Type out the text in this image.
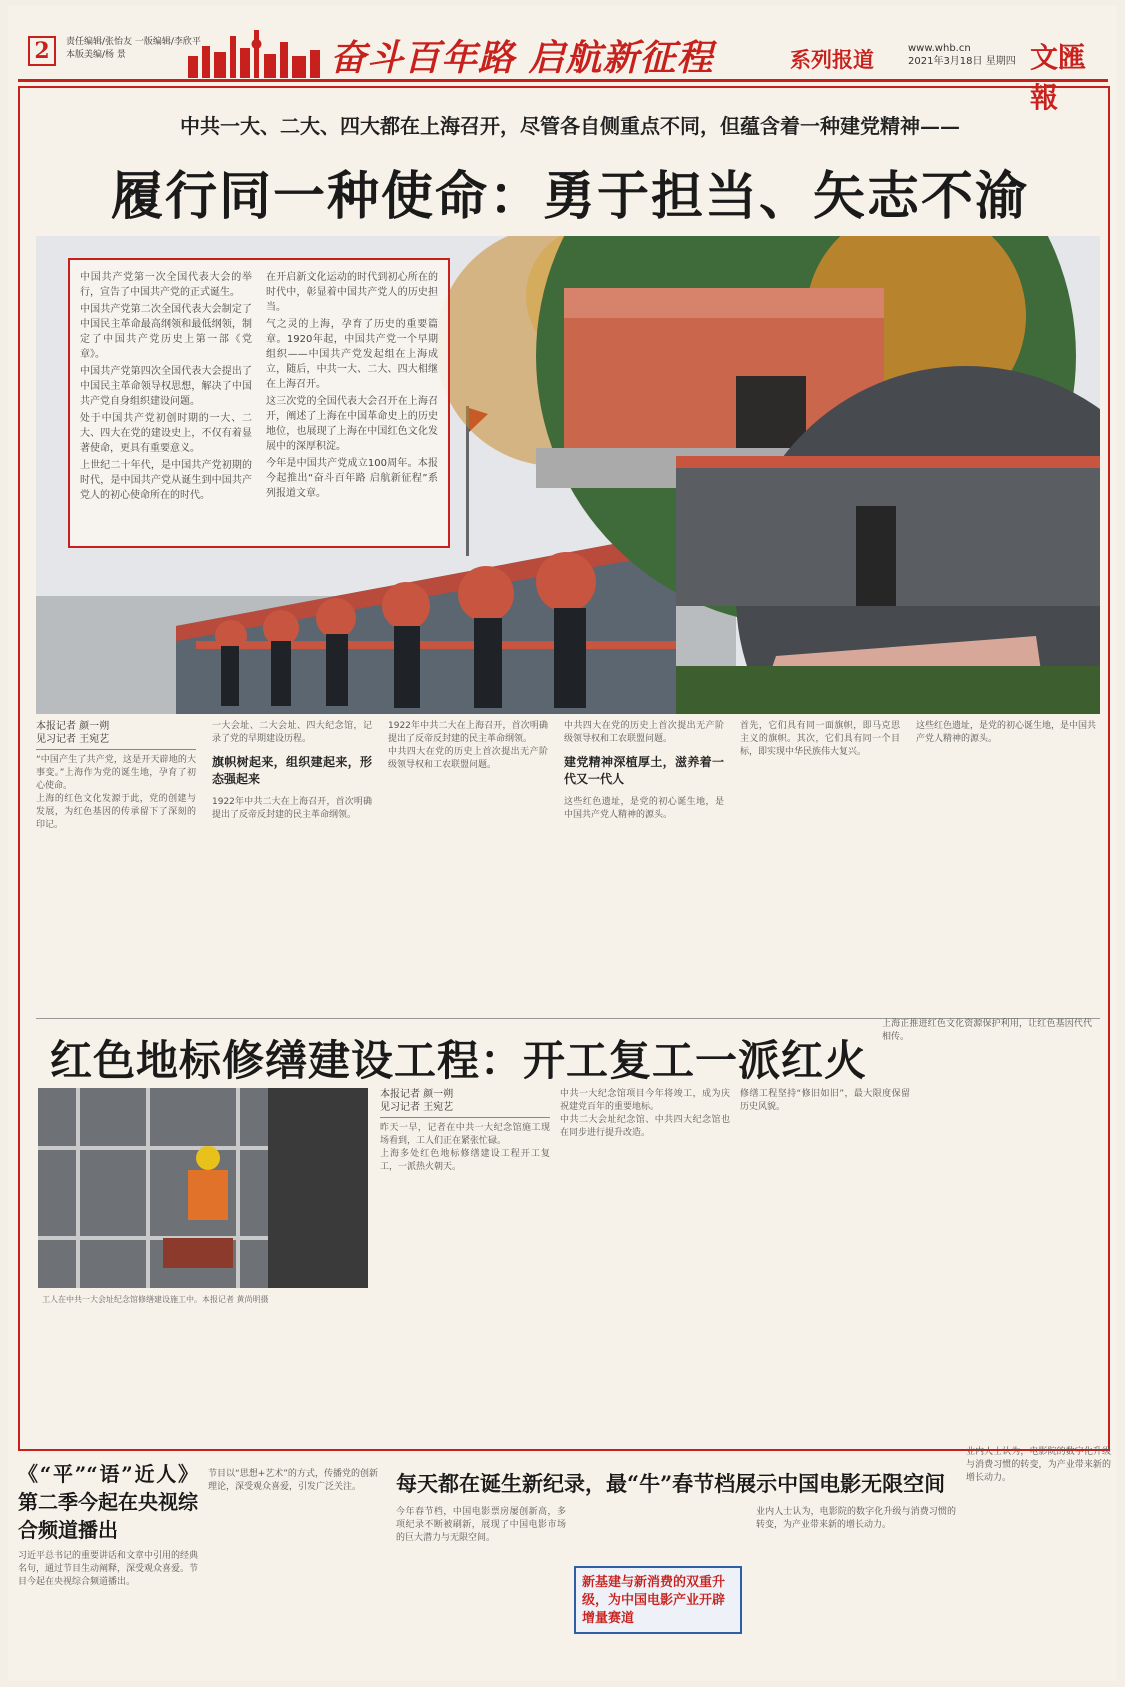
2	责任编辑/张怡友 一版编辑/李欣平 本版美编/杨 景	奋斗百年路 启航新征程	系列报道	www.whb.cn
2021年3月18日 星期四 文匯報
中共一大、二大、四大都在上海召开，尽管各自侧重点不同，但蕴含着一种建党精神——
履行同一种使命：勇于担当、矢志不渝

中国共产党第一次全国代表大会的举行，宣告了中国共产党的正式诞生。

中国共产党第二次全国代表大会制定了中国民主革命最高纲领和最低纲领，制定了中国共产党历史上第一部《党章》。

中国共产党第四次全国代表大会提出了中国民主革命领导权思想，解决了中国共产党自身组织建设问题。

处于中国共产党初创时期的一大、二大、四大在党的建设史上，不仅有着显著使命，更具有重要意义。

上世纪二十年代，是中国共产党初期的时代，是中国共产党从诞生到中国共产党人的初心使命所在的时代。

在开启新文化运动的时代到初心所在的时代中，彰显着中国共产党人的历史担当。

气之灵的上海，孕育了历史的重要篇章。1920年起，中国共产党一个早期组织——中国共产党发起组在上海成立，随后，中共一大、二大、四大相继在上海召开。

这三次党的全国代表大会召开在上海召开，阐述了上海在中国革命史上的历史地位，也展现了上海在中国红色文化发展中的深厚积淀。

今年是中国共产党成立100周年。本报今起推出“奋斗百年路 启航新征程”系列报道文章。

本报记者 颜一朔
见习记者 王宛艺

“中国产生了共产党，这是开天辟地的大事变。”上海作为党的诞生地，孕育了初心使命。

上海的红色文化发源于此，党的创建与发展，为红色基因的传承留下了深刻的印记。

一大会址、二大会址、四大纪念馆，记录了党的早期建设历程。

旗帜树起来，组织建起来，形态强起来

1922年中共二大在上海召开，首次明确提出了反帝反封建的民主革命纲领。

1922年中共二大在上海召开，首次明确提出了反帝反封建的民主革命纲领。

中共四大在党的历史上首次提出无产阶级领导权和工农联盟问题。

中共四大在党的历史上首次提出无产阶级领导权和工农联盟问题。

建党精神深植厚土，滋养着一代又一代人

这些红色遗址，是党的初心诞生地，是中国共产党人精神的源头。

首先，它们具有同一面旗帜，即马克思主义的旗帜。其次，它们具有同一个目标，即实现中华民族伟大复兴。

这些红色遗址，是党的初心诞生地，是中国共产党人精神的源头。

红色地标修缮建设工程：开工复工一派红火
工人在中共一大会址纪念馆修缮建设施工中。本报记者 黄尚明摄
本报记者 颜一朔
见习记者 王宛艺

昨天一早，记者在中共一大纪念馆施工现场看到，工人们正在紧张忙碌。

上海多处红色地标修缮建设工程开工复工，一派热火朝天。

中共一大纪念馆项目今年将竣工，成为庆祝建党百年的重要地标。

中共二大会址纪念馆、中共四大纪念馆也在同步进行提升改造。

修缮工程坚持“修旧如旧”，最大限度保留历史风貌。

上海正推进红色文化资源保护利用，让红色基因代代相传。

《“平”“语”近人》第二季今起在央视综合频道播出

习近平总书记的重要讲话和文章中引用的经典名句，通过节目生动阐释，深受观众喜爱。节目今起在央视综合频道播出。

节目以“思想+艺术”的方式，传播党的创新理论，深受观众喜爱，引发广泛关注。	每天都在诞生新纪录，最“牛”春节档展示中国电影无限空间

今年春节档，中国电影票房屡创新高，多项纪录不断被刷新，展现了中国电影市场的巨大潜力与无限空间。

新基建与新消费的双重升级，为中国电影产业开辟增量赛道

业内人士认为，电影院的数字化升级与消费习惯的转变，为产业带来新的增长动力。

业内人士认为，电影院的数字化升级与消费习惯的转变，为产业带来新的增长动力。
